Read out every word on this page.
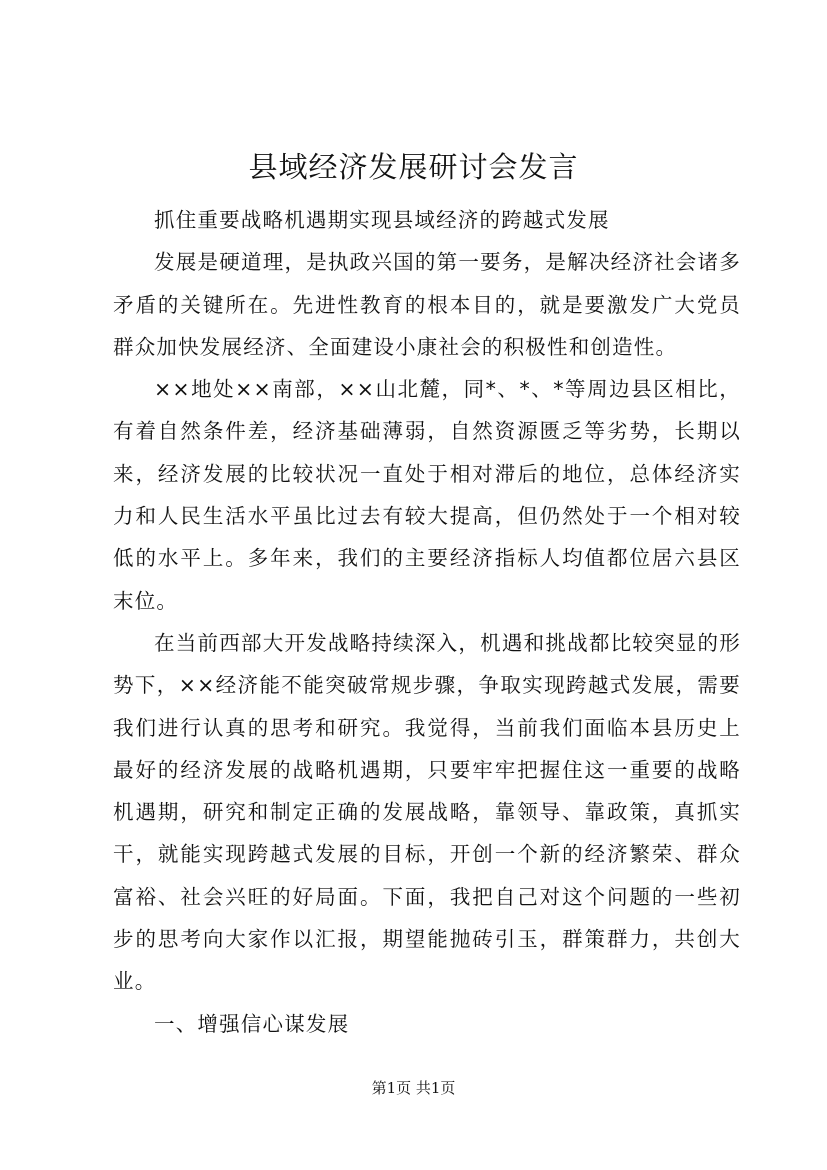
县域经济发展研讨会发言

抓住重要战略机遇期实现县域经济的跨越式发展

发展是硬道理，是执政兴国的第一要务，是解决经济社会诸多矛盾的关键所在。先进性教育的根本目的，就是要激发广大党员群众加快发展经济、全面建设小康社会的积极性和创造性。

××地处××南部，××山北麓，同*、*、*等周边县区相比，有着自然条件差，经济基础薄弱，自然资源匮乏等劣势，长期以来，经济发展的比较状况一直处于相对滞后的地位，总体经济实力和人民生活水平虽比过去有较大提高，但仍然处于一个相对较低的水平上。多年来，我们的主要经济指标人均值都位居六县区末位。

在当前西部大开发战略持续深入，机遇和挑战都比较突显的形势下，××经济能不能突破常规步骤，争取实现跨越式发展，需要我们进行认真的思考和研究。我觉得，当前我们面临本县历史上最好的经济发展的战略机遇期，只要牢牢把握住这一重要的战略机遇期，研究和制定正确的发展战略，靠领导、靠政策，真抓实干，就能实现跨越式发展的目标，开创一个新的经济繁荣、群众富裕、社会兴旺的好局面。下面，我把自己对这个问题的一些初步的思考向大家作以汇报，期望能抛砖引玉，群策群力，共创大业。

一、增强信心谋发展

第1页 共1页
